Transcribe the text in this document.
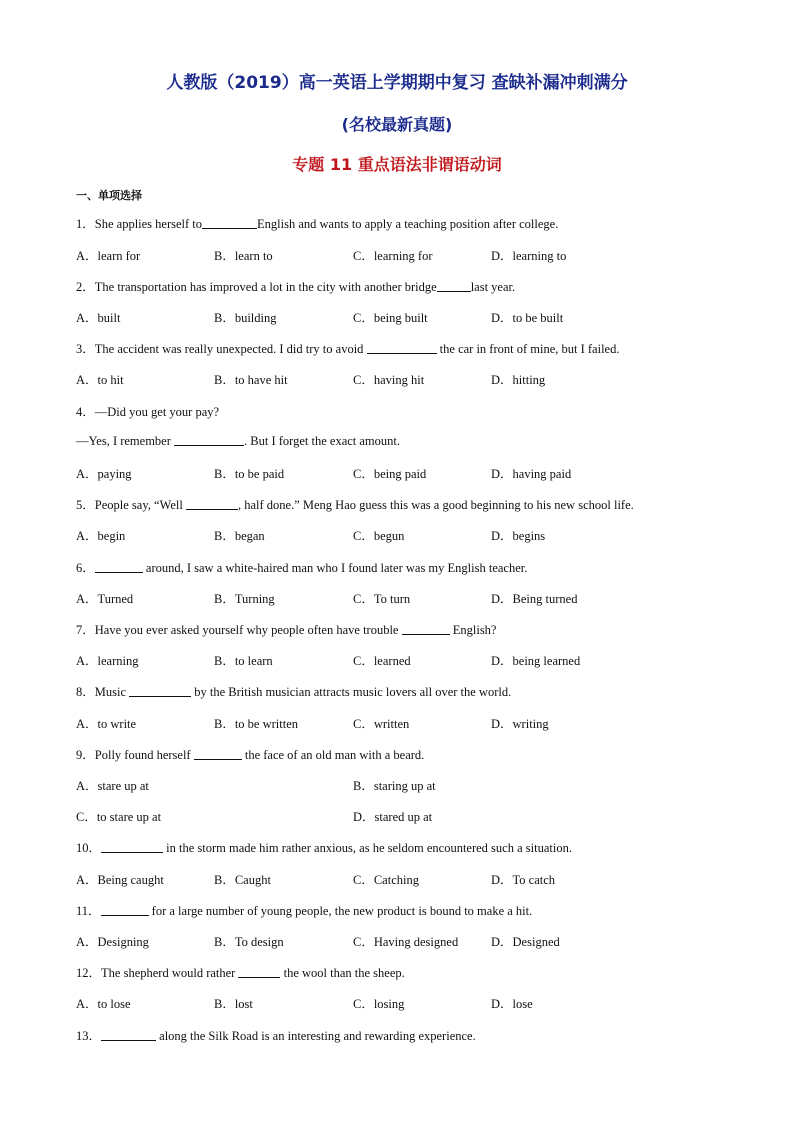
人教版（2019）高一英语上学期期中复习 查缺补漏冲刺满分
(名校最新真题)
专题 11 重点语法非谓语动词
一、单项选择
1．She applies herself to	English and wants to apply a teaching position after college.
A．learn for	B．learn to	C．learning for	D．learning to
2．The transportation has improved a lot in the city with another bridge	last year.
A．built	B．building	C．being built	D．to be built
3．The accident was really unexpected. I did try to avoid	the car in front of mine, but I failed.
A．to hit	B．to have hit	C．having hit	D．hitting
4．—Did you get your pay?
—Yes, I remember	. But I forget the exact amount.
A．paying	B．to be paid	C．being paid	D．having paid
5．People say, “Well	, half done.” Meng Hao guess this was a good beginning to his new school life.
A．begin	B．began	C．begun	D．begins
6．	around, I saw a white-haired man who I found later was my English teacher.
A．Turned	B．Turning	C．To turn	D．Being turned
7．Have you ever asked yourself why people often have trouble	English?
A．learning	B．to learn	C．learned	D．being learned
8．Music	by the British musician attracts music lovers all over the world.
A．to write	B．to be written	C．written	D．writing
9．Polly found herself	the face of an old man with a beard.
A．stare up at	B．staring up at
C．to stare up at	D．stared up at
10．	in the storm made him rather anxious, as he seldom encountered such a situation.
A．Being caught	B．Caught	C．Catching	D．To catch
11．	for a large number of young people, the new product is bound to make a hit.
A．Designing	B．To design	C．Having designed	D．Designed
12．The shepherd would rather	the wool than the sheep.
A．to lose	B．lost	C．losing	D．lose
13．	along the Silk Road is an interesting and rewarding experience.
